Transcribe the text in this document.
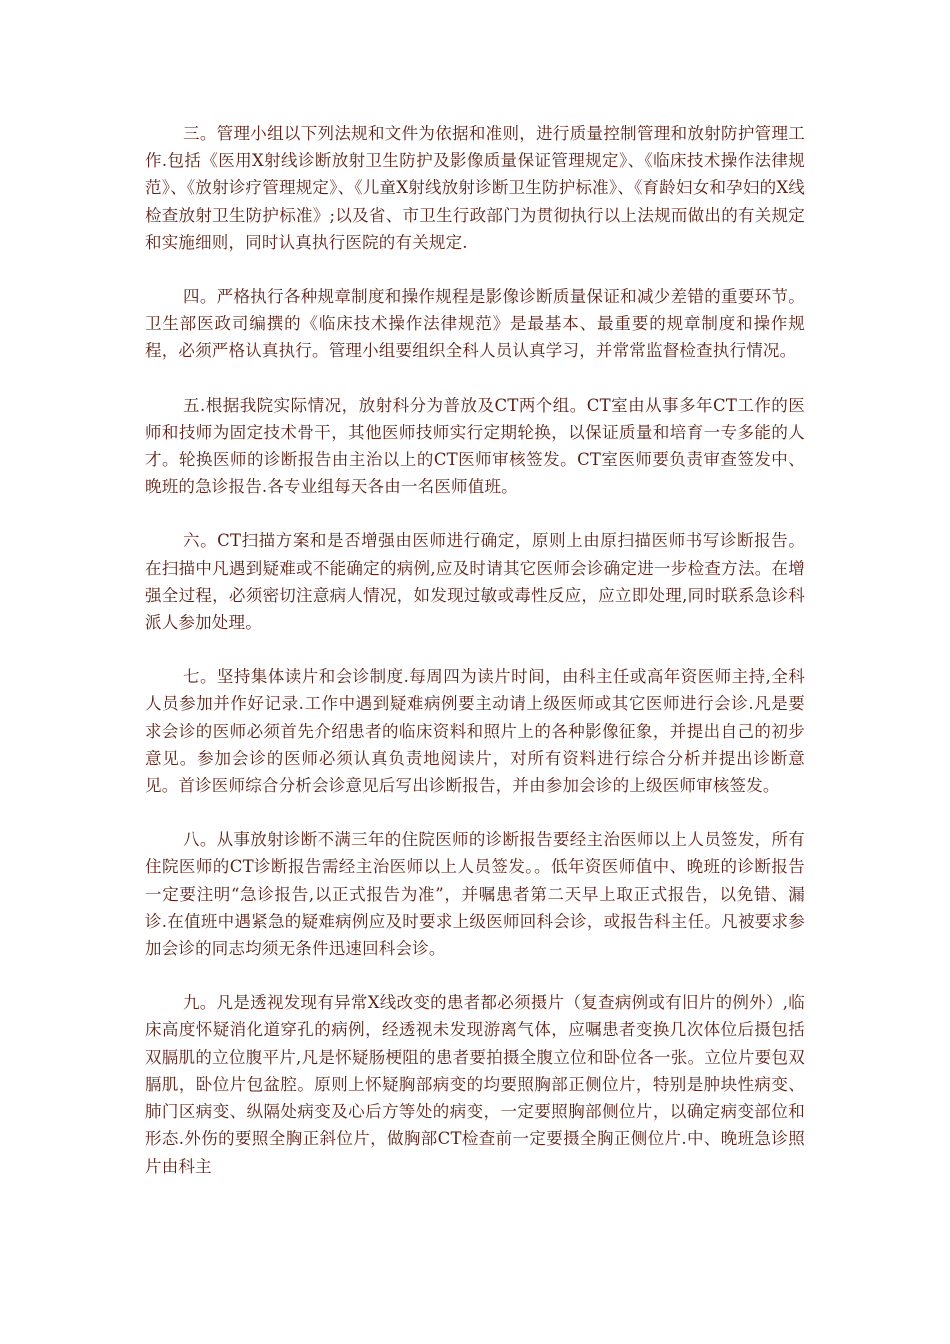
三。管理小组以下列法规和文件为依据和准则，进行质量控制管理和放射防护管理工作.包括《医用X射线诊断放射卫生防护及影像质量保证管理规定》、《临床技术操作法律规范》、《放射诊疗管理规定》、《儿童X射线放射诊断卫生防护标准》、《育龄妇女和孕妇的X线检查放射卫生防护标准》;以及省、市卫生行政部门为贯彻执行以上法规而做出的有关规定和实施细则，同时认真执行医院的有关规定.

四。严格执行各种规章制度和操作规程是影像诊断质量保证和减少差错的重要环节。卫生部医政司编撰的《临床技术操作法律规范》是最基本、最重要的规章制度和操作规程，必须严格认真执行。管理小组要组织全科人员认真学习，并常常监督检查执行情况。

五.根据我院实际情况，放射科分为普放及CT两个组。CT室由从事多年CT工作的医师和技师为固定技术骨干，其他医师技师实行定期轮换，以保证质量和培育一专多能的人才。轮换医师的诊断报告由主治以上的CT医师审核签发。CT室医师要负责审查签发中、晚班的急诊报告.各专业组每天各由一名医师值班。

六。CT扫描方案和是否增强由医师进行确定，原则上由原扫描医师书写诊断报告。在扫描中凡遇到疑难或不能确定的病例,应及时请其它医师会诊确定进一步检查方法。在增强全过程，必须密切注意病人情况，如发现过敏或毒性反应，应立即处理,同时联系急诊科派人参加处理。

七。坚持集体读片和会诊制度.每周四为读片时间，由科主任或高年资医师主持,全科人员参加并作好记录.工作中遇到疑难病例要主动请上级医师或其它医师进行会诊.凡是要求会诊的医师必须首先介绍患者的临床资料和照片上的各种影像征象，并提出自己的初步意见。参加会诊的医师必须认真负责地阅读片，对所有资料进行综合分析并提出诊断意见。首诊医师综合分析会诊意见后写出诊断报告，并由参加会诊的上级医师审核签发。

八。从事放射诊断不满三年的住院医师的诊断报告要经主治医师以上人员签发，所有住院医师的CT诊断报告需经主治医师以上人员签发。。低年资医师值中、晚班的诊断报告一定要注明“急诊报告,以正式报告为准”，并嘱患者第二天早上取正式报告，以免错、漏诊.在值班中遇紧急的疑难病例应及时要求上级医师回科会诊，或报告科主任。凡被要求参加会诊的同志均须无条件迅速回科会诊。

九。凡是透视发现有异常X线改变的患者都必须摄片（复查病例或有旧片的例外）,临床高度怀疑消化道穿孔的病例，经透视未发现游离气体，应嘱患者变换几次体位后摄包括双膈肌的立位腹平片,凡是怀疑肠梗阻的患者要拍摄全腹立位和卧位各一张。立位片要包双膈肌，卧位片包盆腔。原则上怀疑胸部病变的均要照胸部正侧位片，特别是肿块性病变、肺门区病变、纵隔处病变及心后方等处的病变，一定要照胸部侧位片，以确定病变部位和形态.外伤的要照全胸正斜位片，做胸部CT检查前一定要摄全胸正侧位片.中、晚班急诊照片由科主
